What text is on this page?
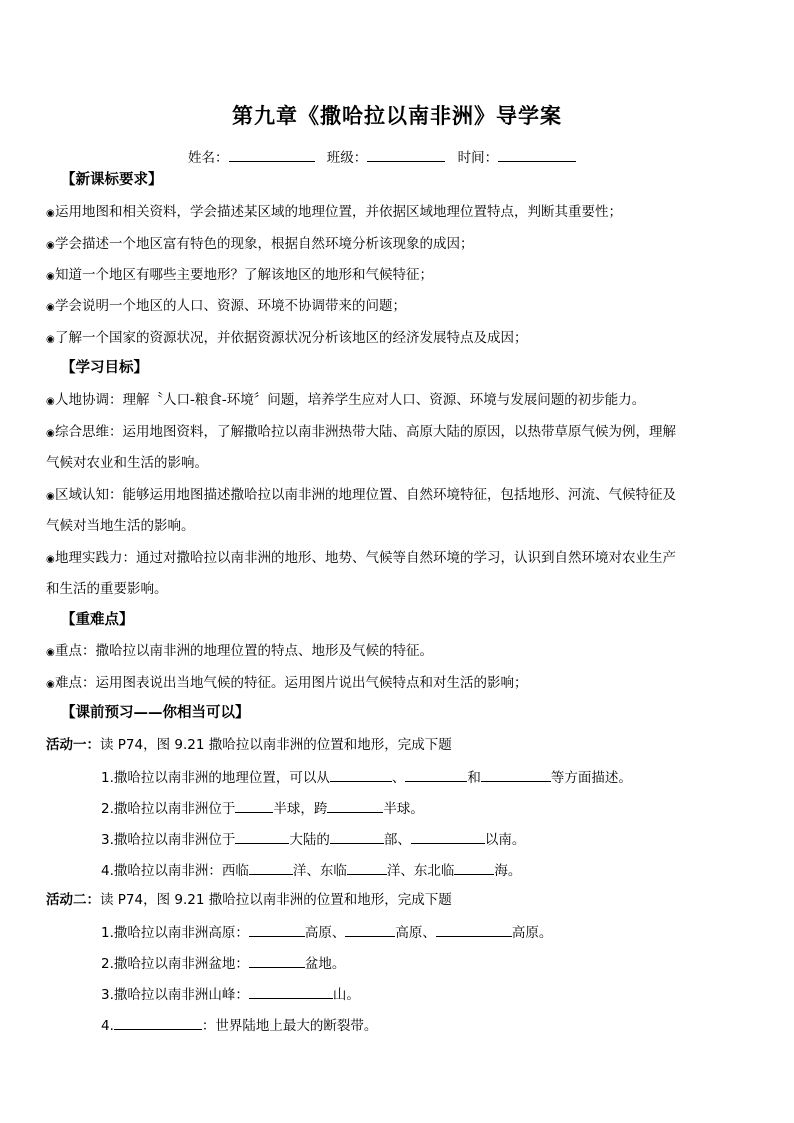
第九章《撒哈拉以南非洲》导学案
姓名：	班级：	时间：
【新课标要求】
◉运用地图和相关资料，学会描述某区域的地理位置，并依据区域地理位置特点，判断其重要性；
◉学会描述一个地区富有特色的现象，根据自然环境分析该现象的成因；
◉知道一个地区有哪些主要地形？了解该地区的地形和气候特征；
◉学会说明一个地区的人口、资源、环境不协调带来的问题；
◉了解一个国家的资源状况，并依据资源状况分析该地区的经济发展特点及成因；
【学习目标】
◉人地协调：理解〝人口-粮食-环境〞问题，培养学生应对人口、资源、环境与发展问题的初步能力。
◉综合思维：运用地图资料，了解撒哈拉以南非洲热带大陆、高原大陆的原因，以热带草原气候为例，理解
气候对农业和生活的影响。
◉区域认知：能够运用地图描述撒哈拉以南非洲的地理位置、自然环境特征，包括地形、河流、气候特征及
气候对当地生活的影响。
◉地理实践力：通过对撒哈拉以南非洲的地形、地势、气候等自然环境的学习，认识到自然环境对农业生产
和生活的重要影响。
【重难点】
◉重点：撒哈拉以南非洲的地理位置的特点、地形及气候的特征。
◉难点：运用图表说出当地气候的特征。运用图片说出气候特点和对生活的影响；
【课前预习——你相当可以】
活动一：读 P74，图 9.21 撒哈拉以南非洲的位置和地形，完成下题
1.撒哈拉以南非洲的地理位置，可以从	、	和	等方面描述。
2.撒哈拉以南非洲位于	半球，跨	半球。
3.撒哈拉以南非洲位于	大陆的	部、	以南。
4.撒哈拉以南非洲：西临	洋、东临	洋、东北临	海。
活动二：读 P74，图 9.21 撒哈拉以南非洲的位置和地形，完成下题
1.撒哈拉以南非洲高原：	高原、	高原、	高原。
2.撒哈拉以南非洲盆地：	盆地。
3.撒哈拉以南非洲山峰：	山。
4.	：世界陆地上最大的断裂带。
